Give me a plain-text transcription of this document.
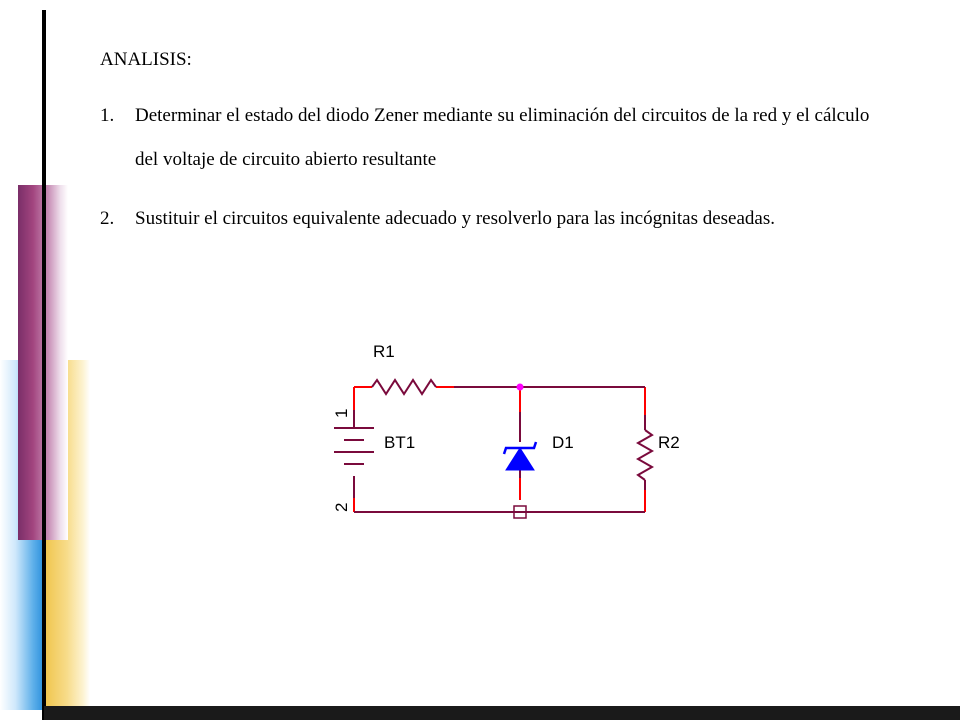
ANALISIS:
1. Determinar el estado del diodo Zener mediante su eliminación del circuitos de la red y el cálculo del voltaje de circuito abierto resultante
2. Sustituir el circuitos equivalente adecuado y resolverlo para las incógnitas deseadas.
R1
BT1	D1	R2
1
2
